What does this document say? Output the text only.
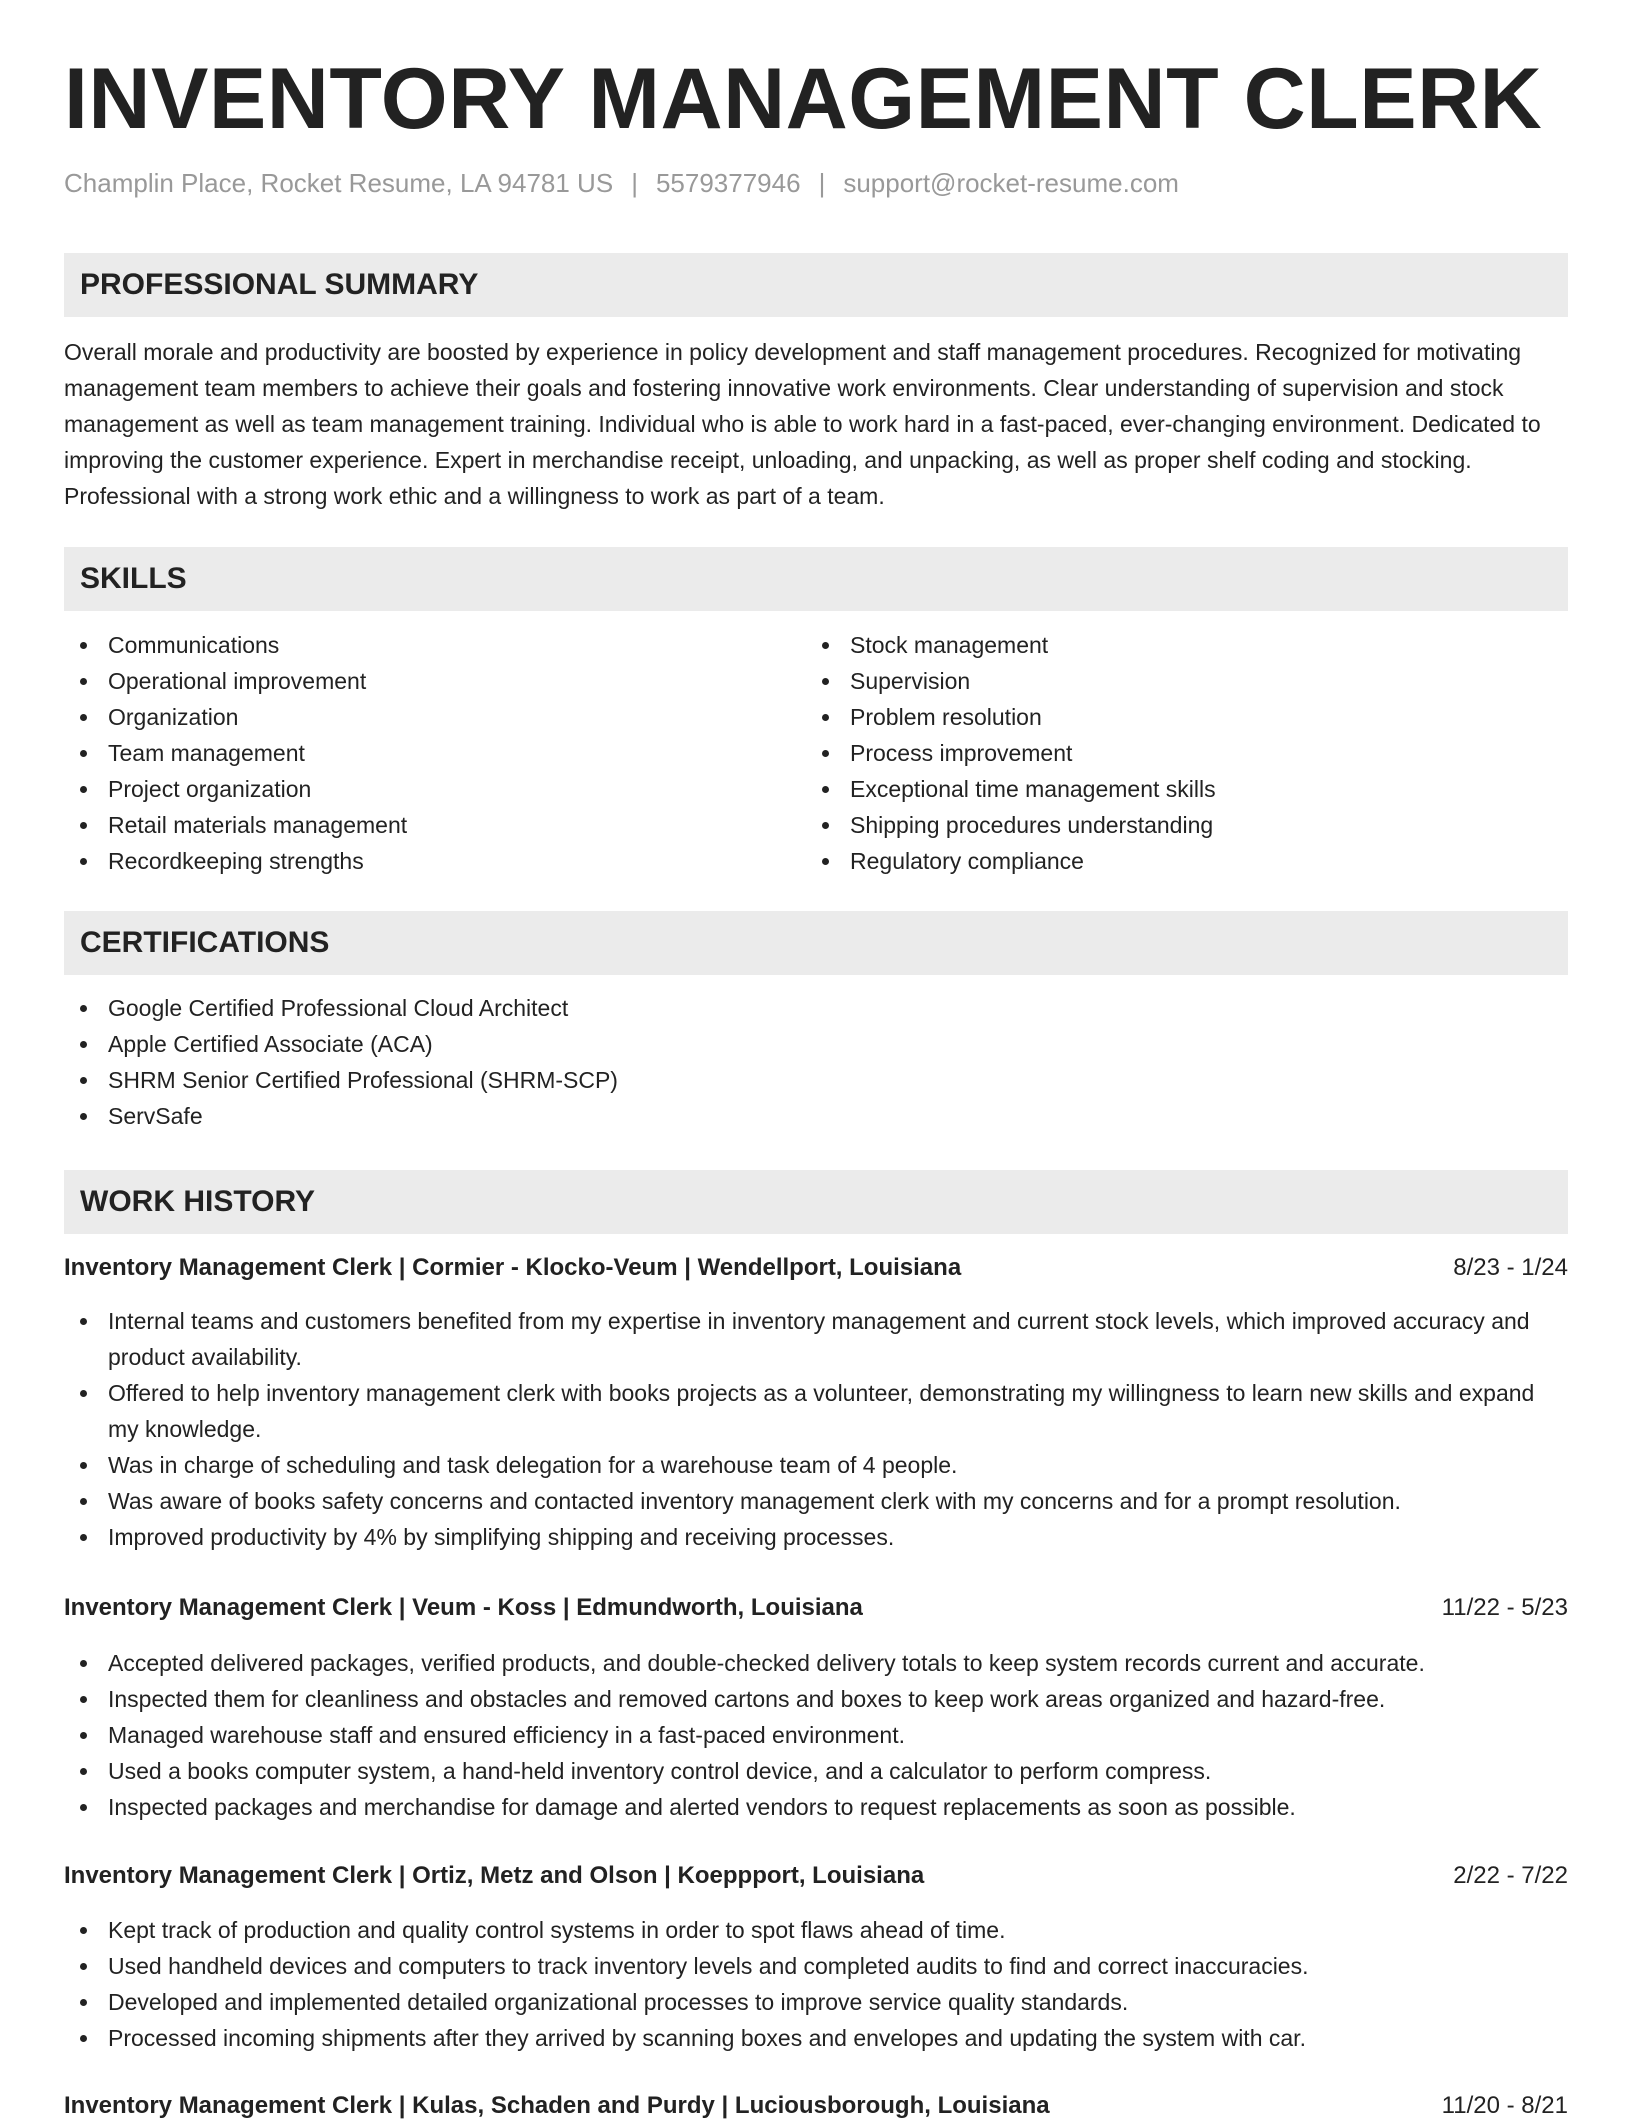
INVENTORY MANAGEMENT CLERK
Champlin Place, Rocket Resume, LA 94781 US | 5579377946 | support@rocket-resume.com
PROFESSIONAL SUMMARY

Overall morale and productivity are boosted by experience in policy development and staff management procedures. Recognized for motivating management team members to achieve their goals and fostering innovative work environments. Clear understanding of supervision and stock management as well as team management training. Individual who is able to work hard in a fast-paced, ever-changing environment. Dedicated to improving the customer experience. Expert in merchandise receipt, unloading, and unpacking, as well as proper shelf coding and stocking. Professional with a strong work ethic and a willingness to work as part of a team.

SKILLS
Communications
Operational improvement
Organization
Team management
Project organization
Retail materials management
Recordkeeping strengths
Stock management
Supervision
Problem resolution
Process improvement
Exceptional time management skills
Shipping procedures understanding
Regulatory compliance
CERTIFICATIONS
Google Certified Professional Cloud Architect
Apple Certified Associate (ACA)
SHRM Senior Certified Professional (SHRM-SCP)
ServSafe
WORK HISTORY
Inventory Management Clerk | Cormier - Klocko-Veum | Wendellport, Louisiana	8/23 - 1/24
Internal teams and customers benefited from my expertise in inventory management and current stock levels, which improved accuracy and product availability.
Offered to help inventory management clerk with books projects as a volunteer, demonstrating my willingness to learn new skills and expand my knowledge.
Was in charge of scheduling and task delegation for a warehouse team of 4 people.
Was aware of books safety concerns and contacted inventory management clerk with my concerns and for a prompt resolution.
Improved productivity by 4% by simplifying shipping and receiving processes.
Inventory Management Clerk | Veum - Koss | Edmundworth, Louisiana	11/22 - 5/23
Accepted delivered packages, verified products, and double-checked delivery totals to keep system records current and accurate.
Inspected them for cleanliness and obstacles and removed cartons and boxes to keep work areas organized and hazard-free.
Managed warehouse staff and ensured efficiency in a fast-paced environment.
Used a books computer system, a hand-held inventory control device, and a calculator to perform compress.
Inspected packages and merchandise for damage and alerted vendors to request replacements as soon as possible.
Inventory Management Clerk | Ortiz, Metz and Olson | Koeppport, Louisiana	2/22 - 7/22
Kept track of production and quality control systems in order to spot flaws ahead of time.
Used handheld devices and computers to track inventory levels and completed audits to find and correct inaccuracies.
Developed and implemented detailed organizational processes to improve service quality standards.
Processed incoming shipments after they arrived by scanning boxes and envelopes and updating the system with car.
Inventory Management Clerk | Kulas, Schaden and Purdy | Luciousborough, Louisiana	11/20 - 8/21
